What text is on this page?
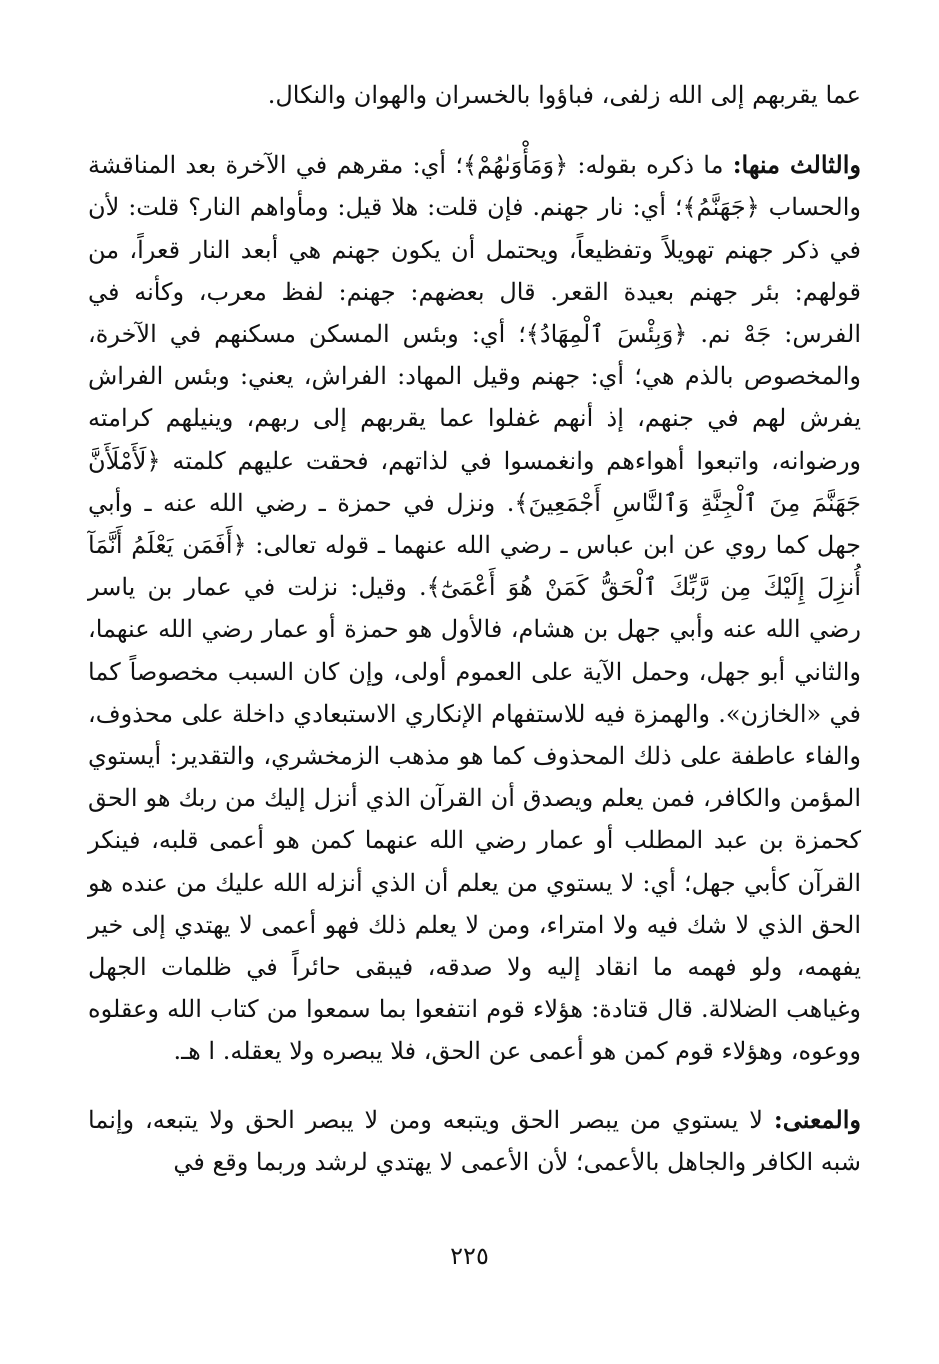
عما يقربهم إلى الله زلفى، فباؤوا بالخسران والهوان والنكال.

والثالث منها: ما ذكره بقوله: ﴿وَمَأْوَىٰهُمْ﴾؛ أي: مقرهم في الآخرة بعد المناقشة والحساب ﴿جَهَنَّمُ﴾؛ أي: نار جهنم. فإن قلت: هلا قيل: ومأواهم النار؟ قلت: لأن في ذكر جهنم تهويلاً وتفظيعاً، ويحتمل أن يكون جهنم هي أبعد النار قعراً، من قولهم: بئر جهنم بعيدة القعر. قال بعضهم: جهنم: لفظ معرب، وكأنه في الفرس: جَهْ نم. ﴿وَبِئْسَ ٱلْمِهَادُ﴾؛ أي: وبئس المسكن مسكنهم في الآخرة، والمخصوص بالذم هي؛ أي: جهنم وقيل المهاد: الفراش، يعني: وبئس الفراش يفرش لهم في جنهم، إذ أنهم غفلوا عما يقربهم إلى ربهم، وينيلهم كرامته ورضوانه، واتبعوا أهواءهم وانغمسوا في لذاتهم، فحقت عليهم كلمته ﴿لَأَمْلَأَنَّ جَهَنَّمَ مِنَ ٱلْجِنَّةِ وَٱلنَّاسِ أَجْمَعِينَ﴾. ونزل في حمزة ـ رضي الله عنه ـ وأبي جهل كما روي عن ابن عباس ـ رضي الله عنهما ـ قوله تعالى: ﴿أَفَمَن يَعْلَمُ أَنَّمَآ أُنزِلَ إِلَيْكَ مِن رَّبِّكَ ٱلْحَقُّ كَمَنْ هُوَ أَعْمَىٰٓ﴾. وقيل: نزلت في عمار بن ياسر رضي الله عنه وأبي جهل بن هشام، فالأول هو حمزة أو عمار رضي الله عنهما، والثاني أبو جهل، وحمل الآية على العموم أولى، وإن كان السبب مخصوصاً كما في «الخازن». والهمزة فيه للاستفهام الإنكاري الاستبعادي داخلة على محذوف، والفاء عاطفة على ذلك المحذوف كما هو مذهب الزمخشري، والتقدير: أيستوي المؤمن والكافر، فمن يعلم ويصدق أن القرآن الذي أنزل إليك من ربك هو الحق كحمزة بن عبد المطلب أو عمار رضي الله عنهما كمن هو أعمى قلبه، فينكر القرآن كأبي جهل؛ أي: لا يستوي من يعلم أن الذي أنزله الله عليك من عنده هو الحق الذي لا شك فيه ولا امتراء، ومن لا يعلم ذلك فهو أعمى لا يهتدي إلى خير يفهمه، ولو فهمه ما انقاد إليه ولا صدقه، فيبقى حائراً في ظلمات الجهل وغياهب الضلالة. قال قتادة: هؤلاء قوم انتفعوا بما سمعوا من كتاب الله وعقلوه ووعوه، وهؤلاء قوم كمن هو أعمى عن الحق، فلا يبصره ولا يعقله. ا هـ.

والمعنى: لا يستوي من يبصر الحق ويتبعه ومن لا يبصر الحق ولا يتبعه، وإنما شبه الكافر والجاهل بالأعمى؛ لأن الأعمى لا يهتدي لرشد وربما وقع في

٢٢٥
